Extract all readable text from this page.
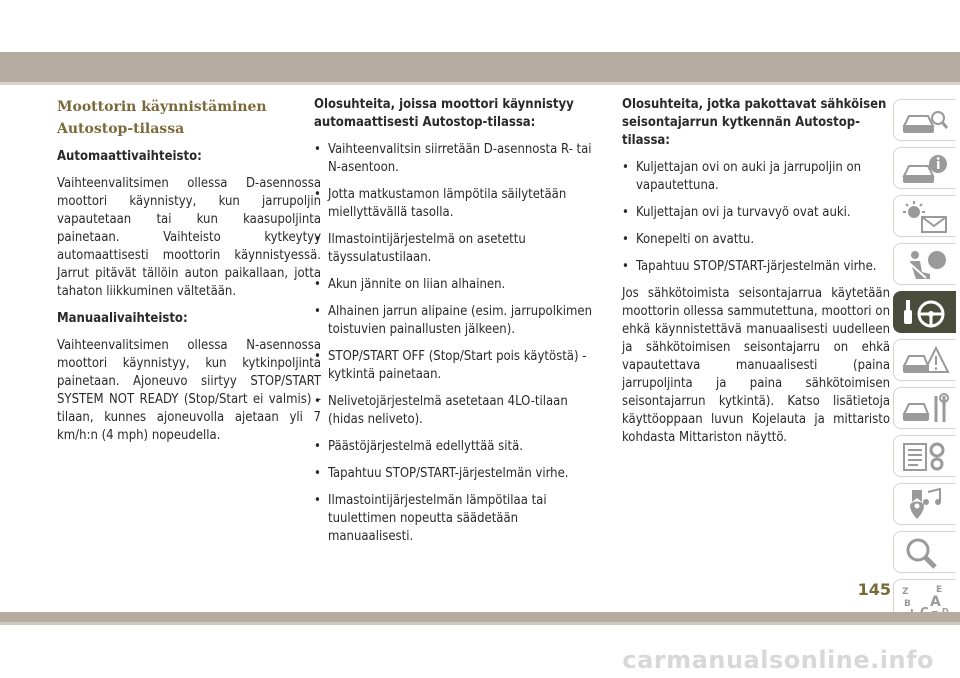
Moottorin käynnistäminen
Autostop-tilassa
Automaattivaihteisto:

Vaihteenvalitsimen ollessa D-asennossa moottori käynnistyy, kun jarrupoljin vapautetaan tai kun kaasupoljinta painetaan. Vaihteisto kytkeytyy automaattisesti moottorin käynnistyessä. Jarrut pitävät tällöin auton paikallaan, jotta tahaton liikkuminen vältetään.

Manuaalivaihteisto:

Vaihteenvalitsimen ollessa N-asennossa moottori käynnistyy, kun kytkinpoljinta painetaan. Ajoneuvo siirtyy STOP/START SYSTEM NOT READY (Stop/Start ei valmis) -tilaan, kunnes ajoneuvolla ajetaan yli 7 km/h:n (4 mph) nopeudella.

Olosuhteita, joissa moottori käynnistyy automaattisesti Autostop-tilassa:
• Vaihteenvalitsin siirretään D-asennosta R- tai N-asentoon.
• Jotta matkustamon lämpötila säilytetään miellyttävällä tasolla.
• Ilmastointijärjestelmä on asetettu täyssulatustilaan.
• Akun jännite on liian alhainen.
• Alhainen jarrun alipaine (esim. jarrupolkimen toistuvien painallusten jälkeen).
• STOP/START OFF (Stop/Start pois käytöstä) -kytkintä painetaan.
• Nelivetojärjestelmä asetetaan 4LO-tilaan (hidas neliveto).
• Päästöjärjestelmä edellyttää sitä.
• Tapahtuu STOP/START-järjestelmän virhe.
• Ilmastointijärjestelmän lämpötilaa tai tuulettimen nopeutta säädetään manuaalisesti.
Olosuhteita, jotka pakottavat sähköisen seisontajarrun kytkennän Autostop-tilassa:
• Kuljettajan ovi on auki ja jarrupoljin on vapautettuna.
• Kuljettajan ovi ja turvavyö ovat auki.
• Konepelti on avattu.
• Tapahtuu STOP/START-järjestelmän virhe.

Jos sähkötoimista seisontajarrua käytetään moottorin ollessa sammutettuna, moottori on ehkä käynnistettävä manuaalisesti uudelleen ja sähkötoimisen seisontajarru on ehkä vapautettava manuaalisesti (paina jarrupoljinta ja paina sähkötoimisen seisontajarrun kytkintä). Katso lisätietoja käyttöoppaan luvun Kojelauta ja mittaristo kohdasta Mittariston näyttö.

Z	E
B A
145
carmanualsonline.info
